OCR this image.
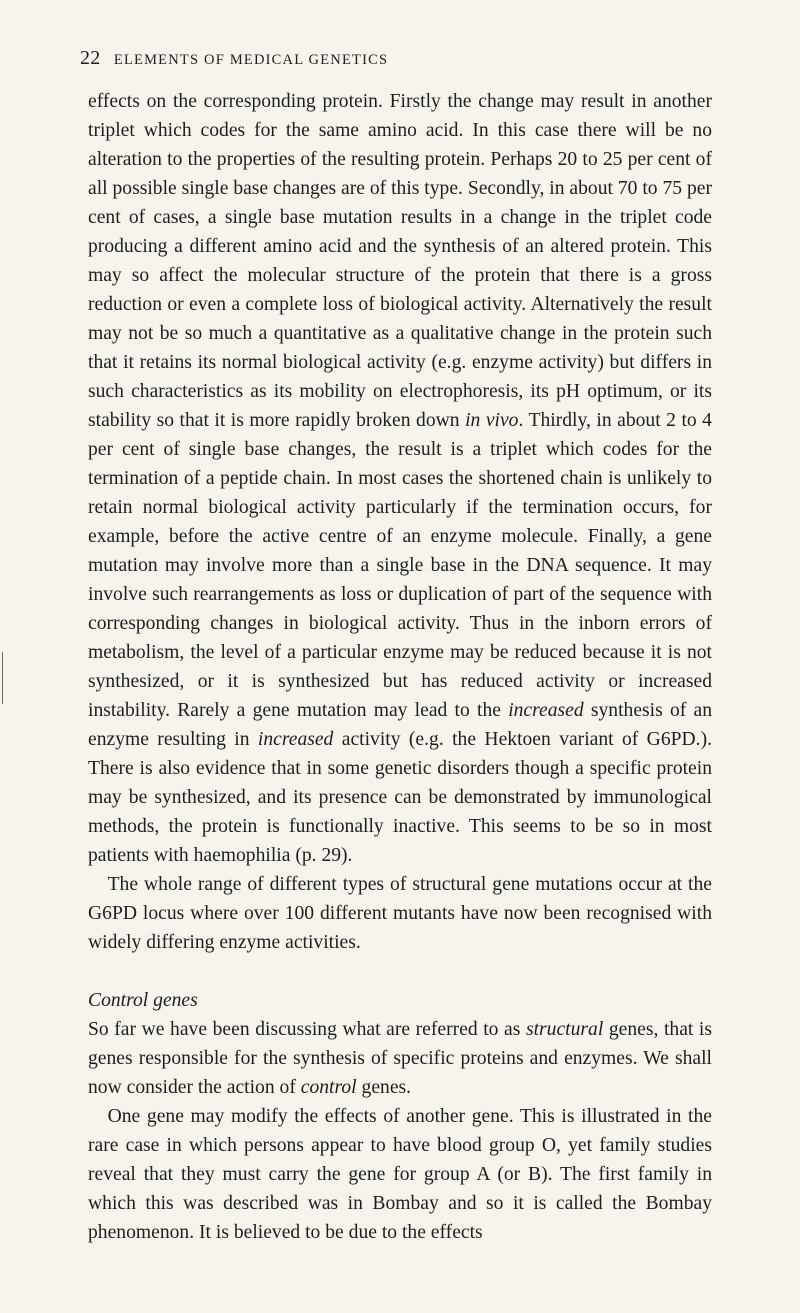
22 ELEMENTS OF MEDICAL GENETICS

effects on the corresponding protein. Firstly the change may result in another triplet which codes for the same amino acid. In this case there will be no alteration to the properties of the resulting protein. Perhaps 20 to 25 per cent of all possible single base changes are of this type. Secondly, in about 70 to 75 per cent of cases, a single base mutation results in a change in the triplet code producing a different amino acid and the synthesis of an altered protein. This may so affect the molecular structure of the protein that there is a gross reduction or even a complete loss of biological activity. Alternatively the result may not be so much a quantitative as a qualitative change in the protein such that it retains its normal biological activity (e.g. enzyme activity) but differs in such characteristics as its mobility on electrophoresis, its pH optimum, or its stability so that it is more rapidly broken down in vivo. Thirdly, in about 2 to 4 per cent of single base changes, the result is a triplet which codes for the termination of a peptide chain. In most cases the shortened chain is unlikely to retain normal biological activity particularly if the termination occurs, for example, before the active centre of an enzyme molecule. Finally, a gene mutation may involve more than a single base in the DNA sequence. It may involve such rearrangements as loss or duplication of part of the sequence with corresponding changes in biological activity. Thus in the inborn errors of metabolism, the level of a particular enzyme may be reduced because it is not synthesized, or it is synthesized but has reduced activity or increased instability. Rarely a gene mutation may lead to the increased synthesis of an enzyme resulting in increased activity (e.g. the Hektoen variant of G6PD.). There is also evidence that in some genetic disorders though a specific protein may be synthesized, and its presence can be demonstrated by immunological methods, the protein is functionally inactive. This seems to be so in most patients with haemophilia (p. 29).

 The whole range of different types of structural gene mutations occur at the G6PD locus where over 100 different mutants have now been recognised with widely differing enzyme activities.

Control genes

So far we have been discussing what are referred to as structural genes, that is genes responsible for the synthesis of specific proteins and enzymes. We shall now consider the action of control genes.

 One gene may modify the effects of another gene. This is illustrated in the rare case in which persons appear to have blood group O, yet family studies reveal that they must carry the gene for group A (or B). The first family in which this was described was in Bombay and so it is called the Bombay phenomenon. It is believed to be due to the effects
